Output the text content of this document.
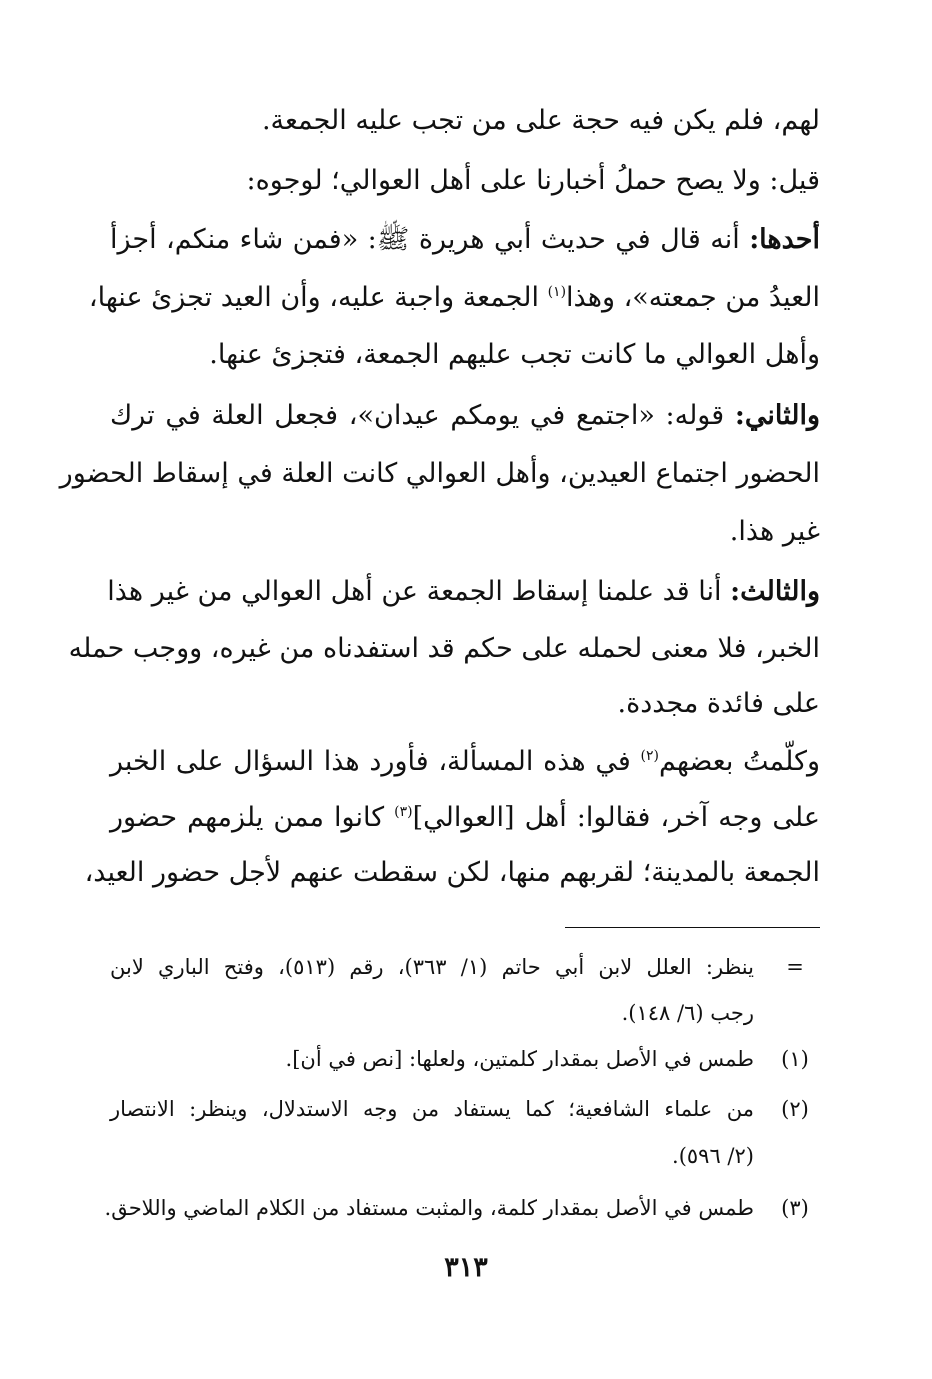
لهم، فلم يكن فيه حجة على من تجب عليه الجمعة.
قيل: ولا يصح حملُ أخبارنا على أهل العوالي؛ لوجوه:
أحدها: أنه قال في حديث أبي هريرة ﷺ: «فمن شاء منكم، أجزأ
العيدُ من جمعته»، وهذا$^{(١)}$ الجمعة واجبة عليه، وأن العيد تجزئ عنها،
وأهل العوالي ما كانت تجب عليهم الجمعة، فتجزئ عنها.
والثاني: قوله: «اجتمع في يومكم عيدان»، فجعل العلة في ترك
الحضور اجتماع العيدين، وأهل العوالي كانت العلة في إسقاط الحضور
غير هذا.
والثالث: أنا قد علمنا إسقاط الجمعة عن أهل العوالي من غير هذا
الخبر، فلا معنى لحمله على حكم قد استفدناه من غيره، ووجب حمله
على فائدة مجددة.
وكلّمتُ بعضهم$^{(٢)}$ في هذه المسألة، فأورد هذا السؤال على الخبر
على وجه آخر، فقالوا: أهل [العوالي]$^{(٣)}$ كانوا ممن يلزمهم حضور
الجمعة بالمدينة؛ لقربهم منها، لكن سقطت عنهم لأجل حضور العيد،
=
ينظر: العلل لابن أبي حاتم (١/ ٣٦٣)، رقم (٥١٣)، وفتح الباري لابن
رجب (٦/ ١٤٨).
(١)
طمس في الأصل بمقدار كلمتين، ولعلها: [نص في أن].
(٢)
من علماء الشافعية؛ كما يستفاد من وجه الاستدلال، وينظر: الانتصار
(٢/ ٥٩٦).
(٣)
طمس في الأصل بمقدار كلمة، والمثبت مستفاد من الكلام الماضي واللاحق.
٣١٣
